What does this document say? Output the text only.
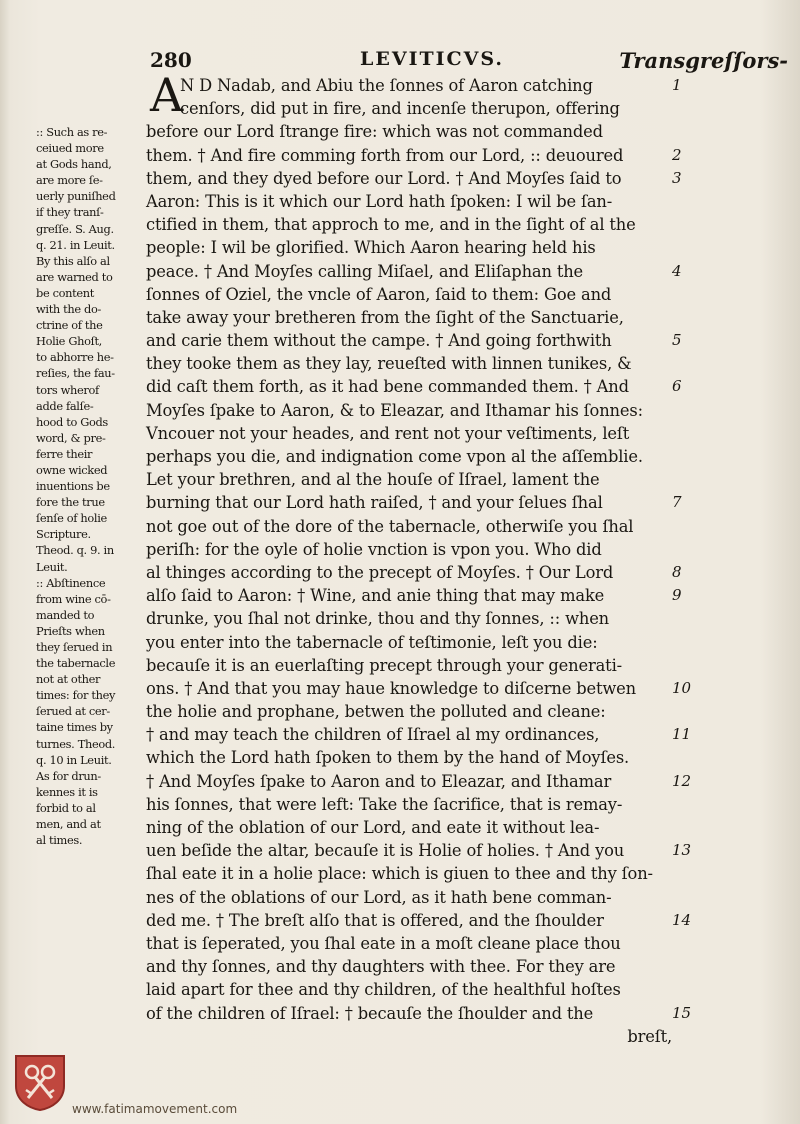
280	LEVITICVS.	Transgreſſors-
:: Such as re-
ceiued more
at Gods hand,
are more ſe-
uerly puniſhed
if they tranſ-
greſſe. S. Aug.
q. 21. in Leuit.
By this alſo al
are warned to
be content
with the do-
ctrine of the
Holie Ghoſt,
to abhorre he-
reſies, the fau-
tors wherof
adde falſe-
hood to Gods
word, & pre-
ferre their
owne wicked
inuentions be
fore the true
ſenſe of holie
Scripture.
Theod. q. 9. in
Leuit.
:: Abſtinence
from wine cō-
manded to
Prieſts when
they ſerued in
the tabernacle
not at other
times: for they
ſerued at cer-
taine times by
turnes. Theod.
q. 10 in Leuit.
As for drun-
kennes it is
forbid to al
men, and at
al times.
N D Nadab, and Abiu the ſonnes of Aaron catching
cenſors, did put in fire, and incenſe therupon, offering
before our Lord ſtrange fire: which was not commanded
them. † And fire comming forth from our Lord, :: deuoured
them, and they dyed before our Lord. † And Moyſes ſaid to
Aaron: This is it which our Lord hath ſpoken: I wil be ſan-
ctified in them, that approch to me, and in the ſight of al the
people: I wil be glorified. Which Aaron hearing held his
peace. † And Moyſes calling Miſael, and Eliſaphan the
ſonnes of Oziel, the vncle of Aaron, ſaid to them: Goe and
take away your bretheren from the ſight of the Sanctuarie,
and carie them without the campe. † And going forthwith
they tooke them as they lay, reueſted with linnen tunikes, &
did caſt them forth, as it had bene commanded them. † And
Moyſes ſpake to Aaron, & to Eleazar, and Ithamar his ſonnes:
Vncouer not your heades, and rent not your veſtiments, leſt
perhaps you die, and indignation come vpon al the aſſemblie.
Let your brethren, and al the houſe of Iſrael, lament the
burning that our Lord hath raiſed, † and your ſelues ſhal
not goe out of the dore of the tabernacle, otherwiſe you ſhal
periſh: for the oyle of holie vnction is vpon you. Who did
al thinges according to the precept of Moyſes. † Our Lord
alſo ſaid to Aaron: † Wine, and anie thing that may make
drunke, you ſhal not drinke, thou and thy ſonnes, :: when
you enter into the tabernacle of teſtimonie, leſt you die:
becauſe it is an euerlaſting precept through your generati-
ons. † And that you may haue knowledge to diſcerne betwen
the holie and prophane, betwen the polluted and cleane:
† and may teach the children of Iſrael al my ordinances,
which the Lord hath ſpoken to them by the hand of Moyſes.
† And Moyſes ſpake to Aaron and to Eleazar, and Ithamar
his ſonnes, that were left: Take the ſacrifice, that is remay-
ning of the oblation of our Lord, and eate it without lea-
uen beſide the altar, becauſe it is Holie of holies. † And you
ſhal eate it in a holie place: which is giuen to thee and thy ſon-
nes of the oblations of our Lord, as it hath bene comman-
ded me. † The breſt alſo that is offered, and the ſhoulder
that is ſeperated, you ſhal eate in a moſt cleane place thou
and thy ſonnes, and thy daughters with thee. For they are
laid apart for thee and thy children, of the healthful hoſtes
of the children of Iſrael: † becauſe the ſhoulder and the
breſt,
A	1
2
3
4
5
6
7
8
9
10
11
12
13
14
15
www.fatimamovement.com
